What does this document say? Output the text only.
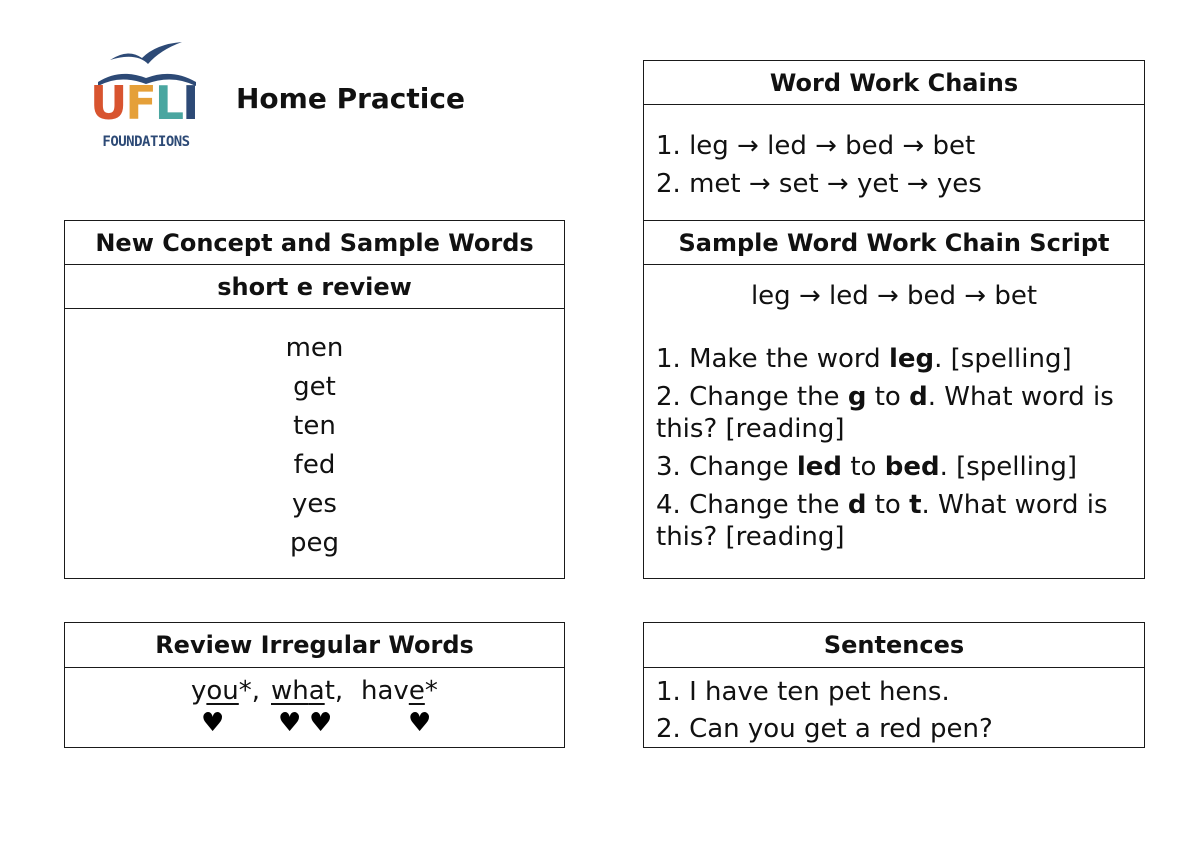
U F L I
FOUNDATIONS
Home Practice
New Concept and Sample Words
short e review
men
get
ten
fed
yes
peg
Review Irregular Words
you*, what, have*
♥ ♥ ♥	♥
Word Work Chains
1. leg → led → bed → bet
2. met → set → yet → yes
Sample Word Work Chain Script
leg → led → bed → bet
1. Make the word leg. [spelling]
2. Change the g to d. What word is this? [reading]
3. Change led to bed. [spelling]
4. Change the d to t. What word is this? [reading]
Sentences
1. I have ten pet hens.
2. Can you get a red pen?
